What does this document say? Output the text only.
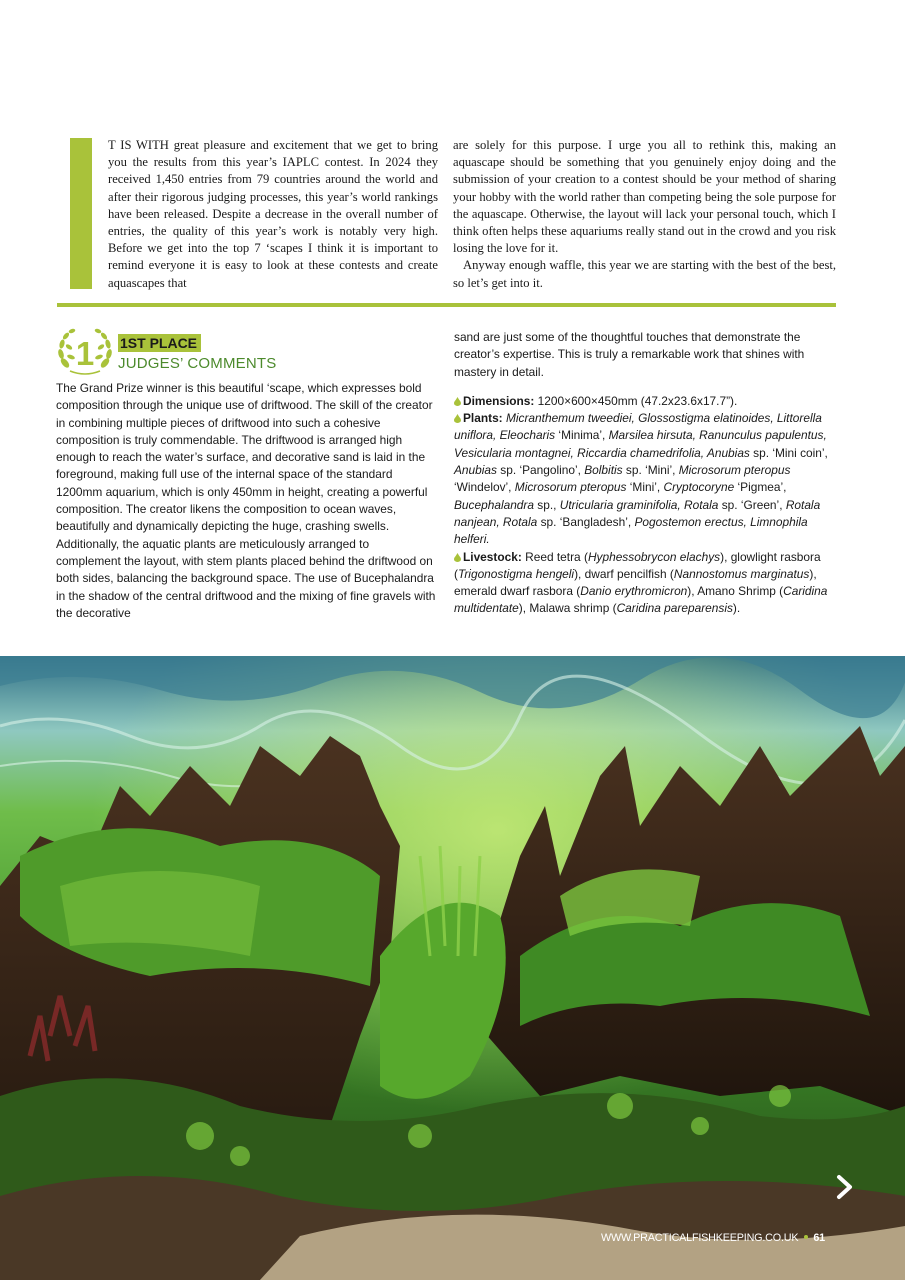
T IS WITH great pleasure and excitement that we get to bring you the results from this year’s IAPLC contest. In 2024 they received 1,450 entries from 79 countries around the world and after their rigorous judging processes, this year’s world rankings have been released. Despite a decrease in the overall number of entries, the quality of this year’s work is notably very high. Before we get into the top 7 ‘scapes I think it is important to remind everyone it is easy to look at these contests and create aquascapes that

are solely for this purpose. I urge you all to rethink this, making an aquascape should be something that you genuinely enjoy doing and the submission of your creation to a contest should be your method of sharing your hobby with the world rather than competing being the sole purpose for the aquascape. Otherwise, the layout will lack your personal touch, which I think often helps these aquariums really stand out in the crowd and you risk losing the love for it.

Anyway enough waffle, this year we are starting with the best of the best, so let’s get into it.

1 1ST PLACE
JUDGES’ COMMENTS

The Grand Prize winner is this beautiful ‘scape, which expresses bold composition through the unique use of driftwood. The skill of the creator in combining multiple pieces of driftwood into such a cohesive composition is truly commendable. The driftwood is arranged high enough to reach the water’s surface, and decorative sand is laid in the foreground, making full use of the internal space of the standard 1200mm aquarium, which is only 450mm in height, creating a powerful composition. The creator likens the composition to ocean waves, beautifully and dynamically depicting the huge, crashing swells. Additionally, the aquatic plants are meticulously arranged to complement the layout, with stem plants placed behind the driftwood on both sides, balancing the background space. The use of Bucephalandra in the shadow of the central driftwood and the mixing of fine gravels with the decorative

sand are just some of the thoughtful touches that demonstrate the creator’s expertise. This is truly a remarkable work that shines with mastery in detail.

Dimensions: 1200×600×450mm (47.2x23.6x17.7”).

Plants: Micranthemum tweediei, Glossostigma elatinoides, Littorella uniflora, Eleocharis ‘Minima’, Marsilea hirsuta, Ranunculus papulentus, Vesicularia montagnei, Riccardia chamedrifolia, Anubias sp. ‘Mini coin’, Anubias sp. ‘Pangolino’, Bolbitis sp. ‘Mini’, Microsorum pteropus ‘Windelov’, Microsorum pteropus ‘Mini’, Cryptocoryne ‘Pigmea’, Bucephalandra sp., Utricularia graminifolia, Rotala sp. ‘Green’, Rotala nanjean, Rotala sp. ‘Bangladesh’, Pogostemon erectus, Limnophila helferi.

Livestock: Reed tetra (Hyphessobrycon elachys), glowlight rasbora (Trigonostigma hengeli), dwarf pencilfish (Nannostomus marginatus), emerald dwarf rasbora (Danio erythromicron), Amano Shrimp (Caridina multidentate), Malawa shrimp (Caridina pareparensis).

WWW.PRACTICALFISHKEEPING.CO.UK 61
